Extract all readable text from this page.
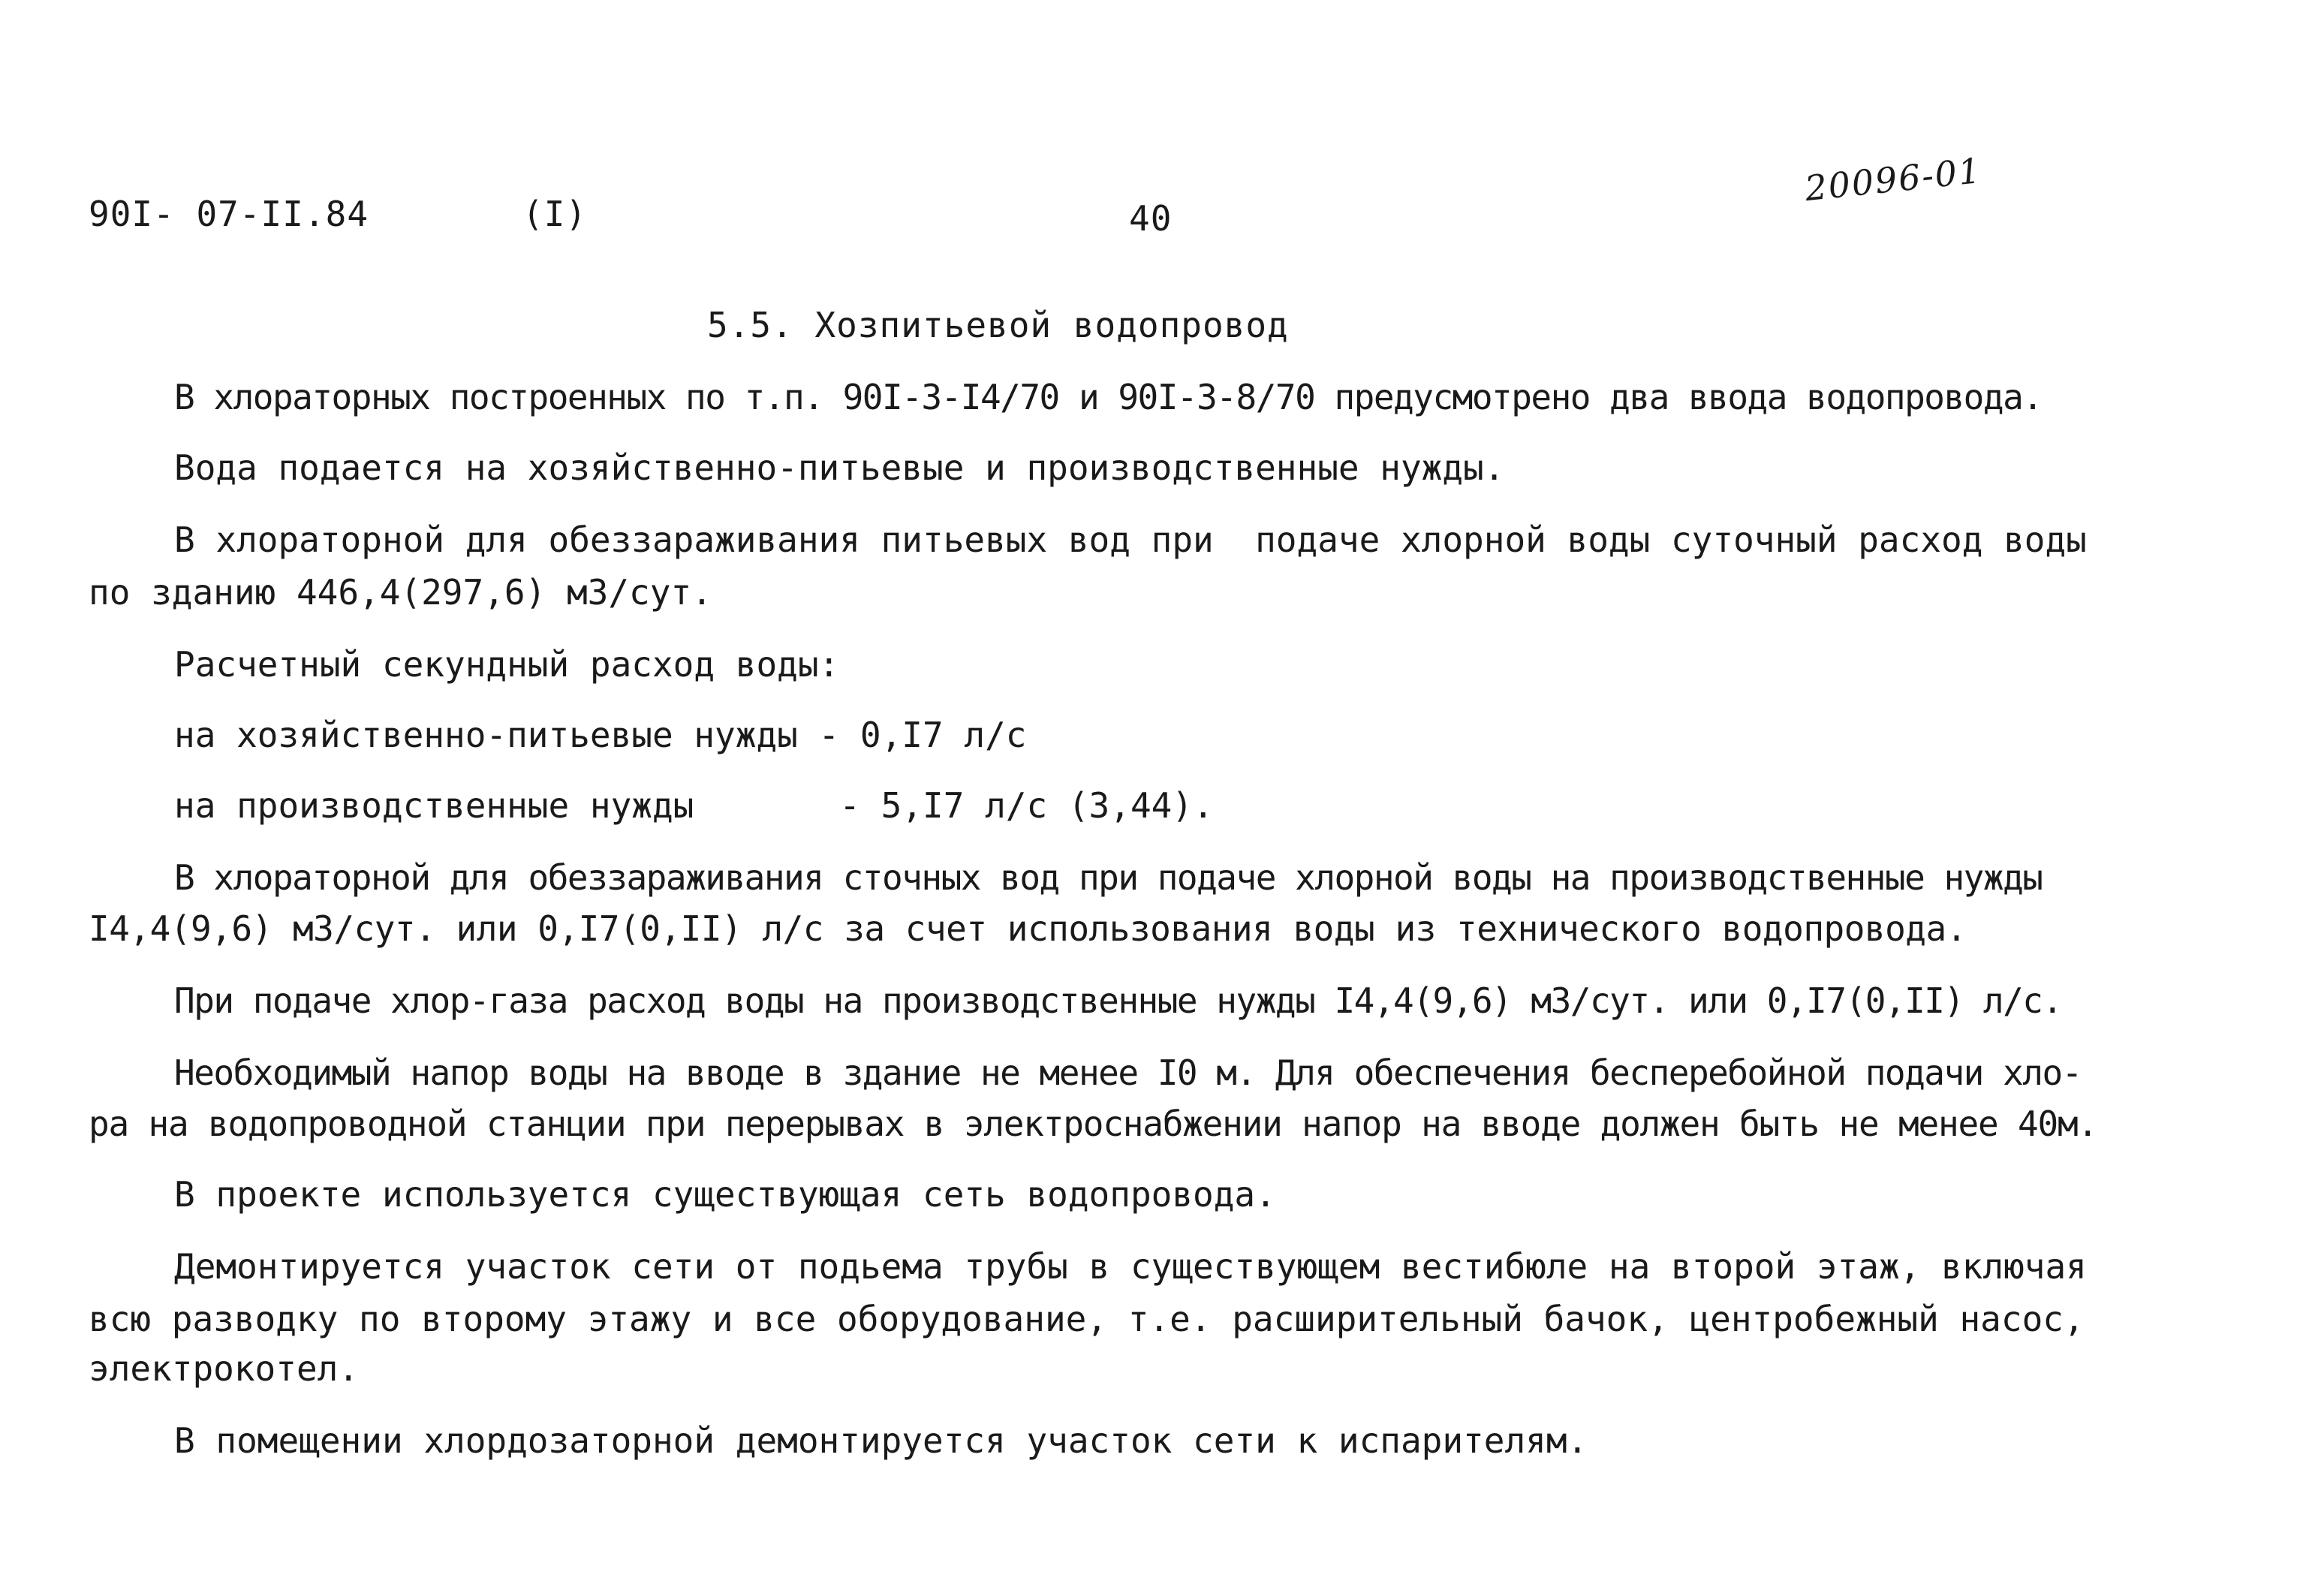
90I- 07-II.84	(I)	40
20096-01
5.5. Хозпитьевой водопровод
В хлораторных построенных по т.п. 90I-3-I4/70 и 90I-3-8/70 предусмотрено два ввода водопровода.
Вода подается на хозяйственно-питьевые и производственные нужды.
В хлораторной для обеззараживания питьевых вод при  подаче хлорной воды суточный расход воды
по зданию 446,4(297,6) м3/сут.
Расчетный секундный расход воды:
на хозяйственно-питьевые нужды - 0,I7 л/с
на производственные нужды       - 5,I7 л/с (3,44).
В хлораторной для обеззараживания сточных вод при подаче хлорной воды на производственные нужды
I4,4(9,6) м3/сут. или 0,I7(0,II) л/с за счет использования воды из технического водопровода.
При подаче хлор-газа расход воды на производственные нужды I4,4(9,6) м3/сут. или 0,I7(0,II) л/с.
Необходимый напор воды на вводе в здание не менее I0 м. Для обеспечения бесперебойной подачи хло-
ра на водопроводной станции при перерывах в электроснабжении напор на вводе должен быть не менее 40м.
В проекте используется существующая сеть водопровода.
Демонтируется участок сети от подьема трубы в существующем вестибюле на второй этаж, включая
всю разводку по второму этажу и все оборудование, т.е. расширительный бачок, центробежный насос,
электрокотел.
В помещении хлордозаторной демонтируется участок сети к испарителям.
